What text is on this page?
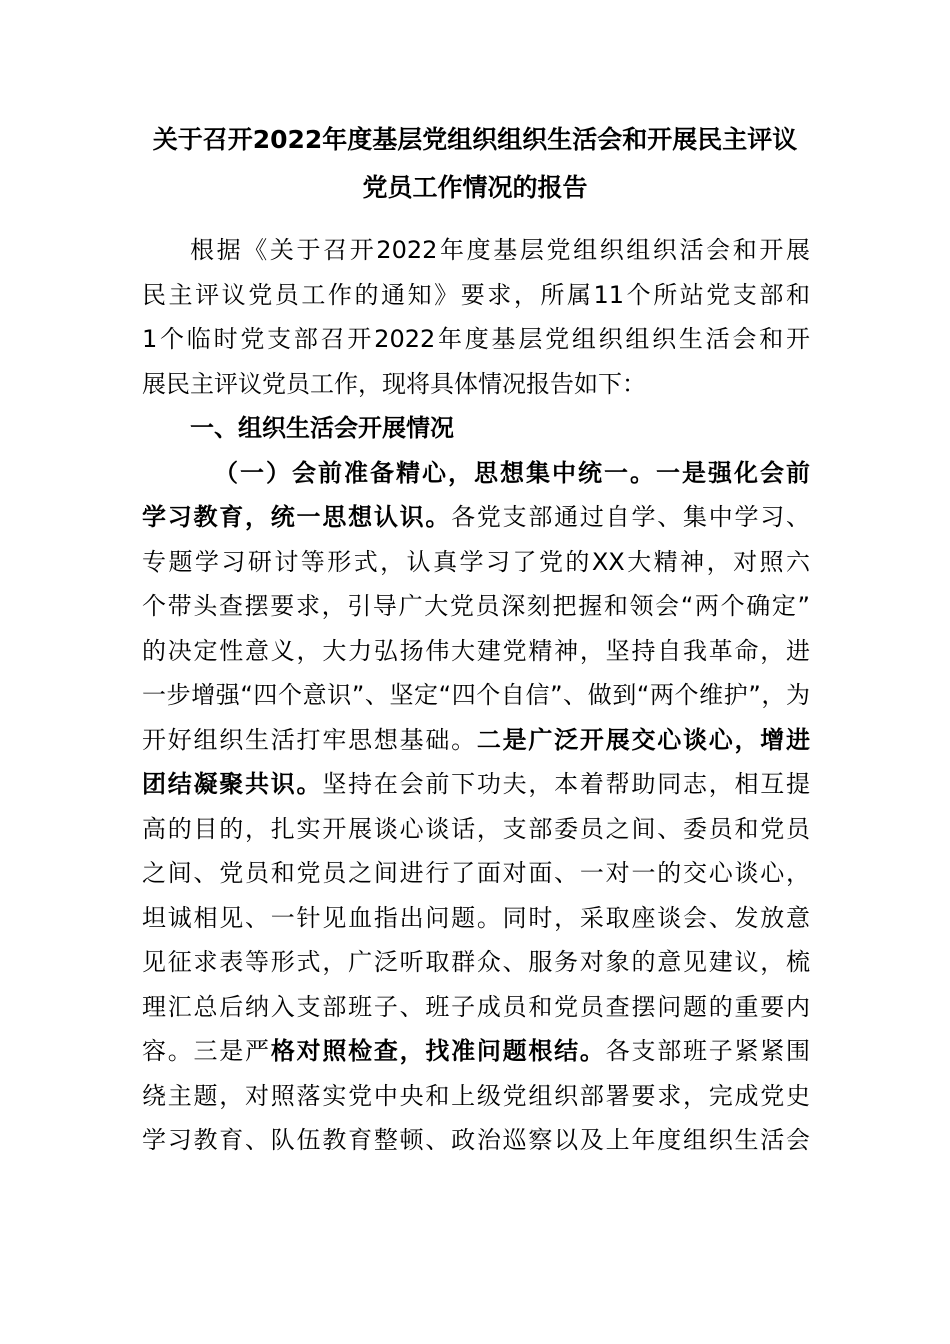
关于召开2022年度基层党组织组织生活会和开展民主评议
党员工作情况的报告
根据《关于召开2022年度基层党组织组织活会和开展
民主评议党员工作的通知》要求，所属11个所站党支部和
1个临时党支部召开2022年度基层党组织组织生活会和开
展民主评议党员工作，现将具体情况报告如下：
一、组织生活会开展情况
（一）会前准备精心，思想集中统一。一是强化会前
学习教育，统一思想认识。各党支部通过自学、集中学习、
专题学习研讨等形式，认真学习了党的XX大精神，对照六
个带头查摆要求，引导广大党员深刻把握和领会“两个确定”
的决定性意义，大力弘扬伟大建党精神，坚持自我革命，进
一步增强“四个意识”、坚定“四个自信”、做到“两个维护”，为
开好组织生活打牢思想基础。二是广泛开展交心谈心，增进
团结凝聚共识。坚持在会前下功夫，本着帮助同志，相互提
高的目的，扎实开展谈心谈话，支部委员之间、委员和党员
之间、党员和党员之间进行了面对面、一对一的交心谈心，
坦诚相见、一针见血指出问题。同时，采取座谈会、发放意
见征求表等形式，广泛听取群众、服务对象的意见建议，梳
理汇总后纳入支部班子、班子成员和党员查摆问题的重要内
容。三是严格对照检查，找准问题根结。各支部班子紧紧围
绕主题，对照落实党中央和上级党组织部署要求，完成党史
学习教育、队伍教育整顿、政治巡察以及上年度组织生活会
